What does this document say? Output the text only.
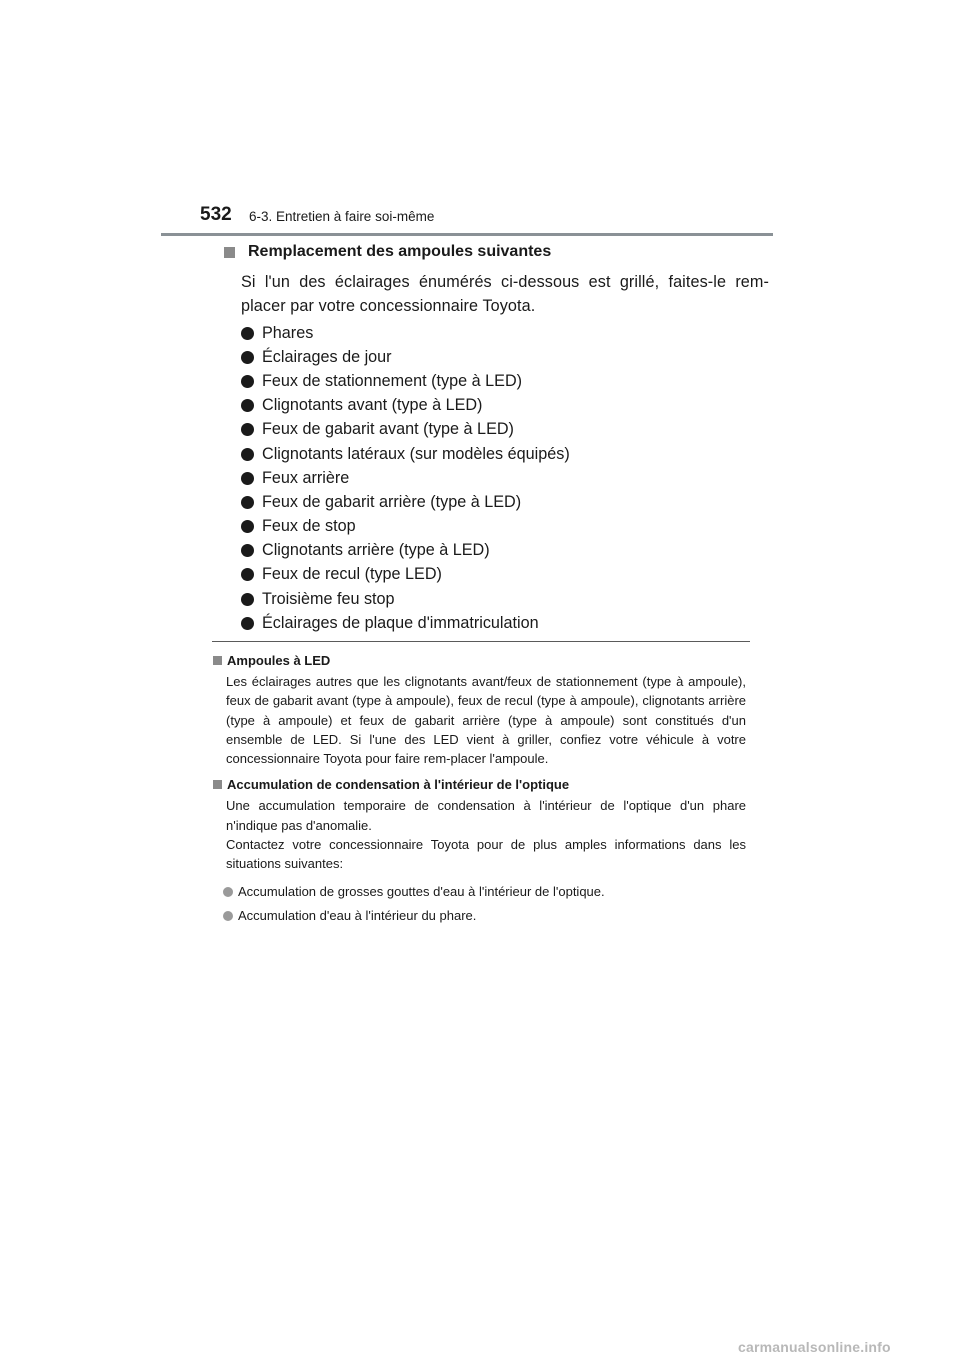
532 6-3. Entretien à faire soi-même
Remplacement des ampoules suivantes
Si l'un des éclairages énumérés ci-dessous est grillé, faites-le rem-placer par votre concessionnaire Toyota.
Phares
Éclairages de jour
Feux de stationnement (type à LED)
Clignotants avant (type à LED)
Feux de gabarit avant (type à LED)
Clignotants latéraux (sur modèles équipés)
Feux arrière
Feux de gabarit arrière (type à LED)
Feux de stop
Clignotants arrière (type à LED)
Feux de recul (type LED)
Troisième feu stop
Éclairages de plaque d'immatriculation
Ampoules à LED
Les éclairages autres que les clignotants avant/feux de stationnement (type à ampoule), feux de gabarit avant (type à ampoule), feux de recul (type à ampoule), clignotants arrière (type à ampoule) et feux de gabarit arrière (type à ampoule) sont constitués d'un ensemble de LED. Si l'une des LED vient à griller, confiez votre véhicule à votre concessionnaire Toyota pour faire rem-placer l'ampoule.
Accumulation de condensation à l'intérieur de l'optique
Une accumulation temporaire de condensation à l'intérieur de l'optique d'un phare n'indique pas d'anomalie.
Contactez votre concessionnaire Toyota pour de plus amples informations dans les situations suivantes:
Accumulation de grosses gouttes d'eau à l'intérieur de l'optique.
Accumulation d'eau à l'intérieur du phare.
carmanualsonline.info
